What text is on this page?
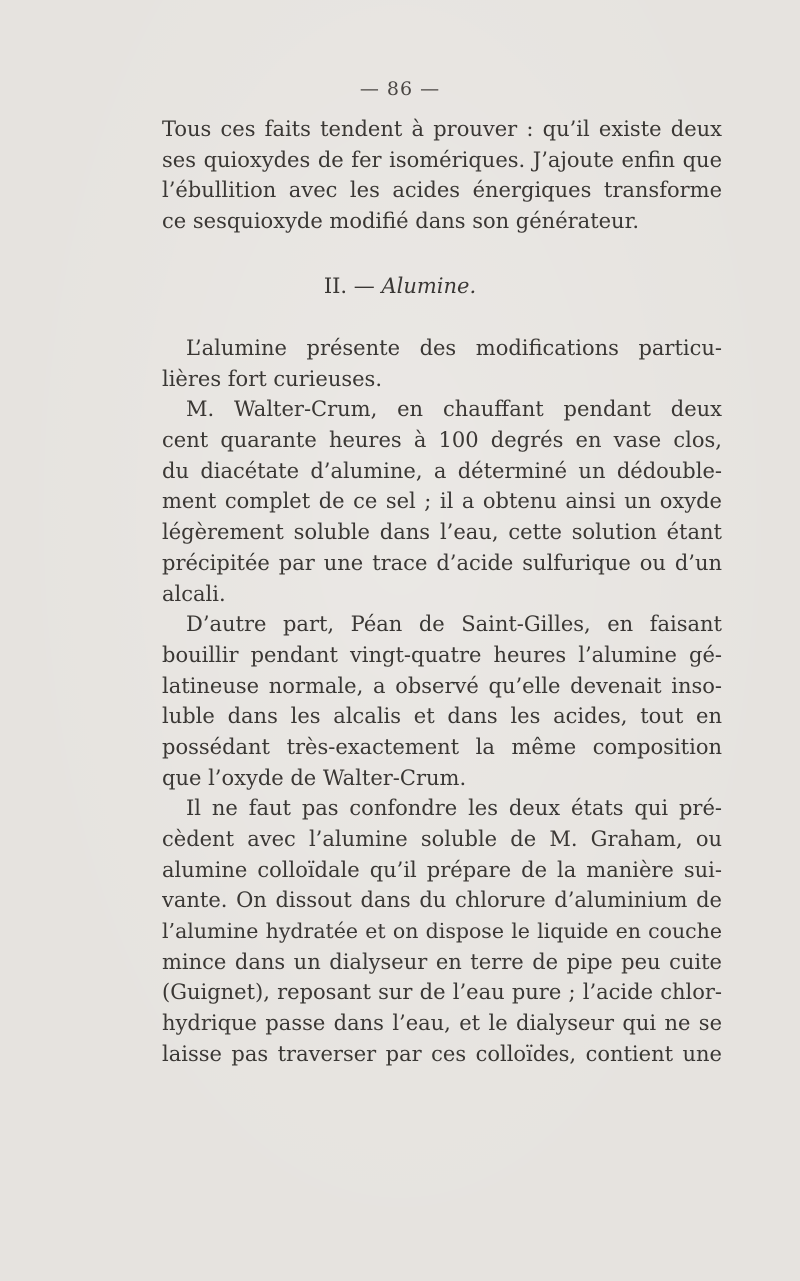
— 86 —
Tous ces faits tendent à prouver : qu’il existe deux
ses quioxydes de fer isomériques. J’ajoute enfin que
l’ébullition avec les acides énergiques transforme
ce sesquioxyde modifié dans son générateur.
II. — Alumine.
L’alumine présente des modifications particu-
lières fort curieuses.
M. Walter-Crum, en chauffant pendant deux
cent quarante heures à 100 degrés en vase clos,
du diacétate d’alumine, a déterminé un dédouble-
ment complet de ce sel ; il a obtenu ainsi un oxyde
légèrement soluble dans l’eau, cette solution étant
précipitée par une trace d’acide sulfurique ou d’un
alcali.
D’autre part, Péan de Saint-Gilles, en faisant
bouillir pendant vingt-quatre heures l’alumine gé-
latineuse normale, a observé qu’elle devenait inso-
luble dans les alcalis et dans les acides, tout en
possédant très-exactement la même composition
que l’oxyde de Walter-Crum.
Il ne faut pas confondre les deux états qui pré-
cèdent avec l’alumine soluble de M. Graham, ou
alumine colloïdale qu’il prépare de la manière sui-
vante. On dissout dans du chlorure d’aluminium de
l’alumine hydratée et on dispose le liquide en couche
mince dans un dialyseur en terre de pipe peu cuite
(Guignet), reposant sur de l’eau pure ; l’acide chlor-
hydrique passe dans l’eau, et le dialyseur qui ne se
laisse pas traverser par ces colloïdes, contient une
